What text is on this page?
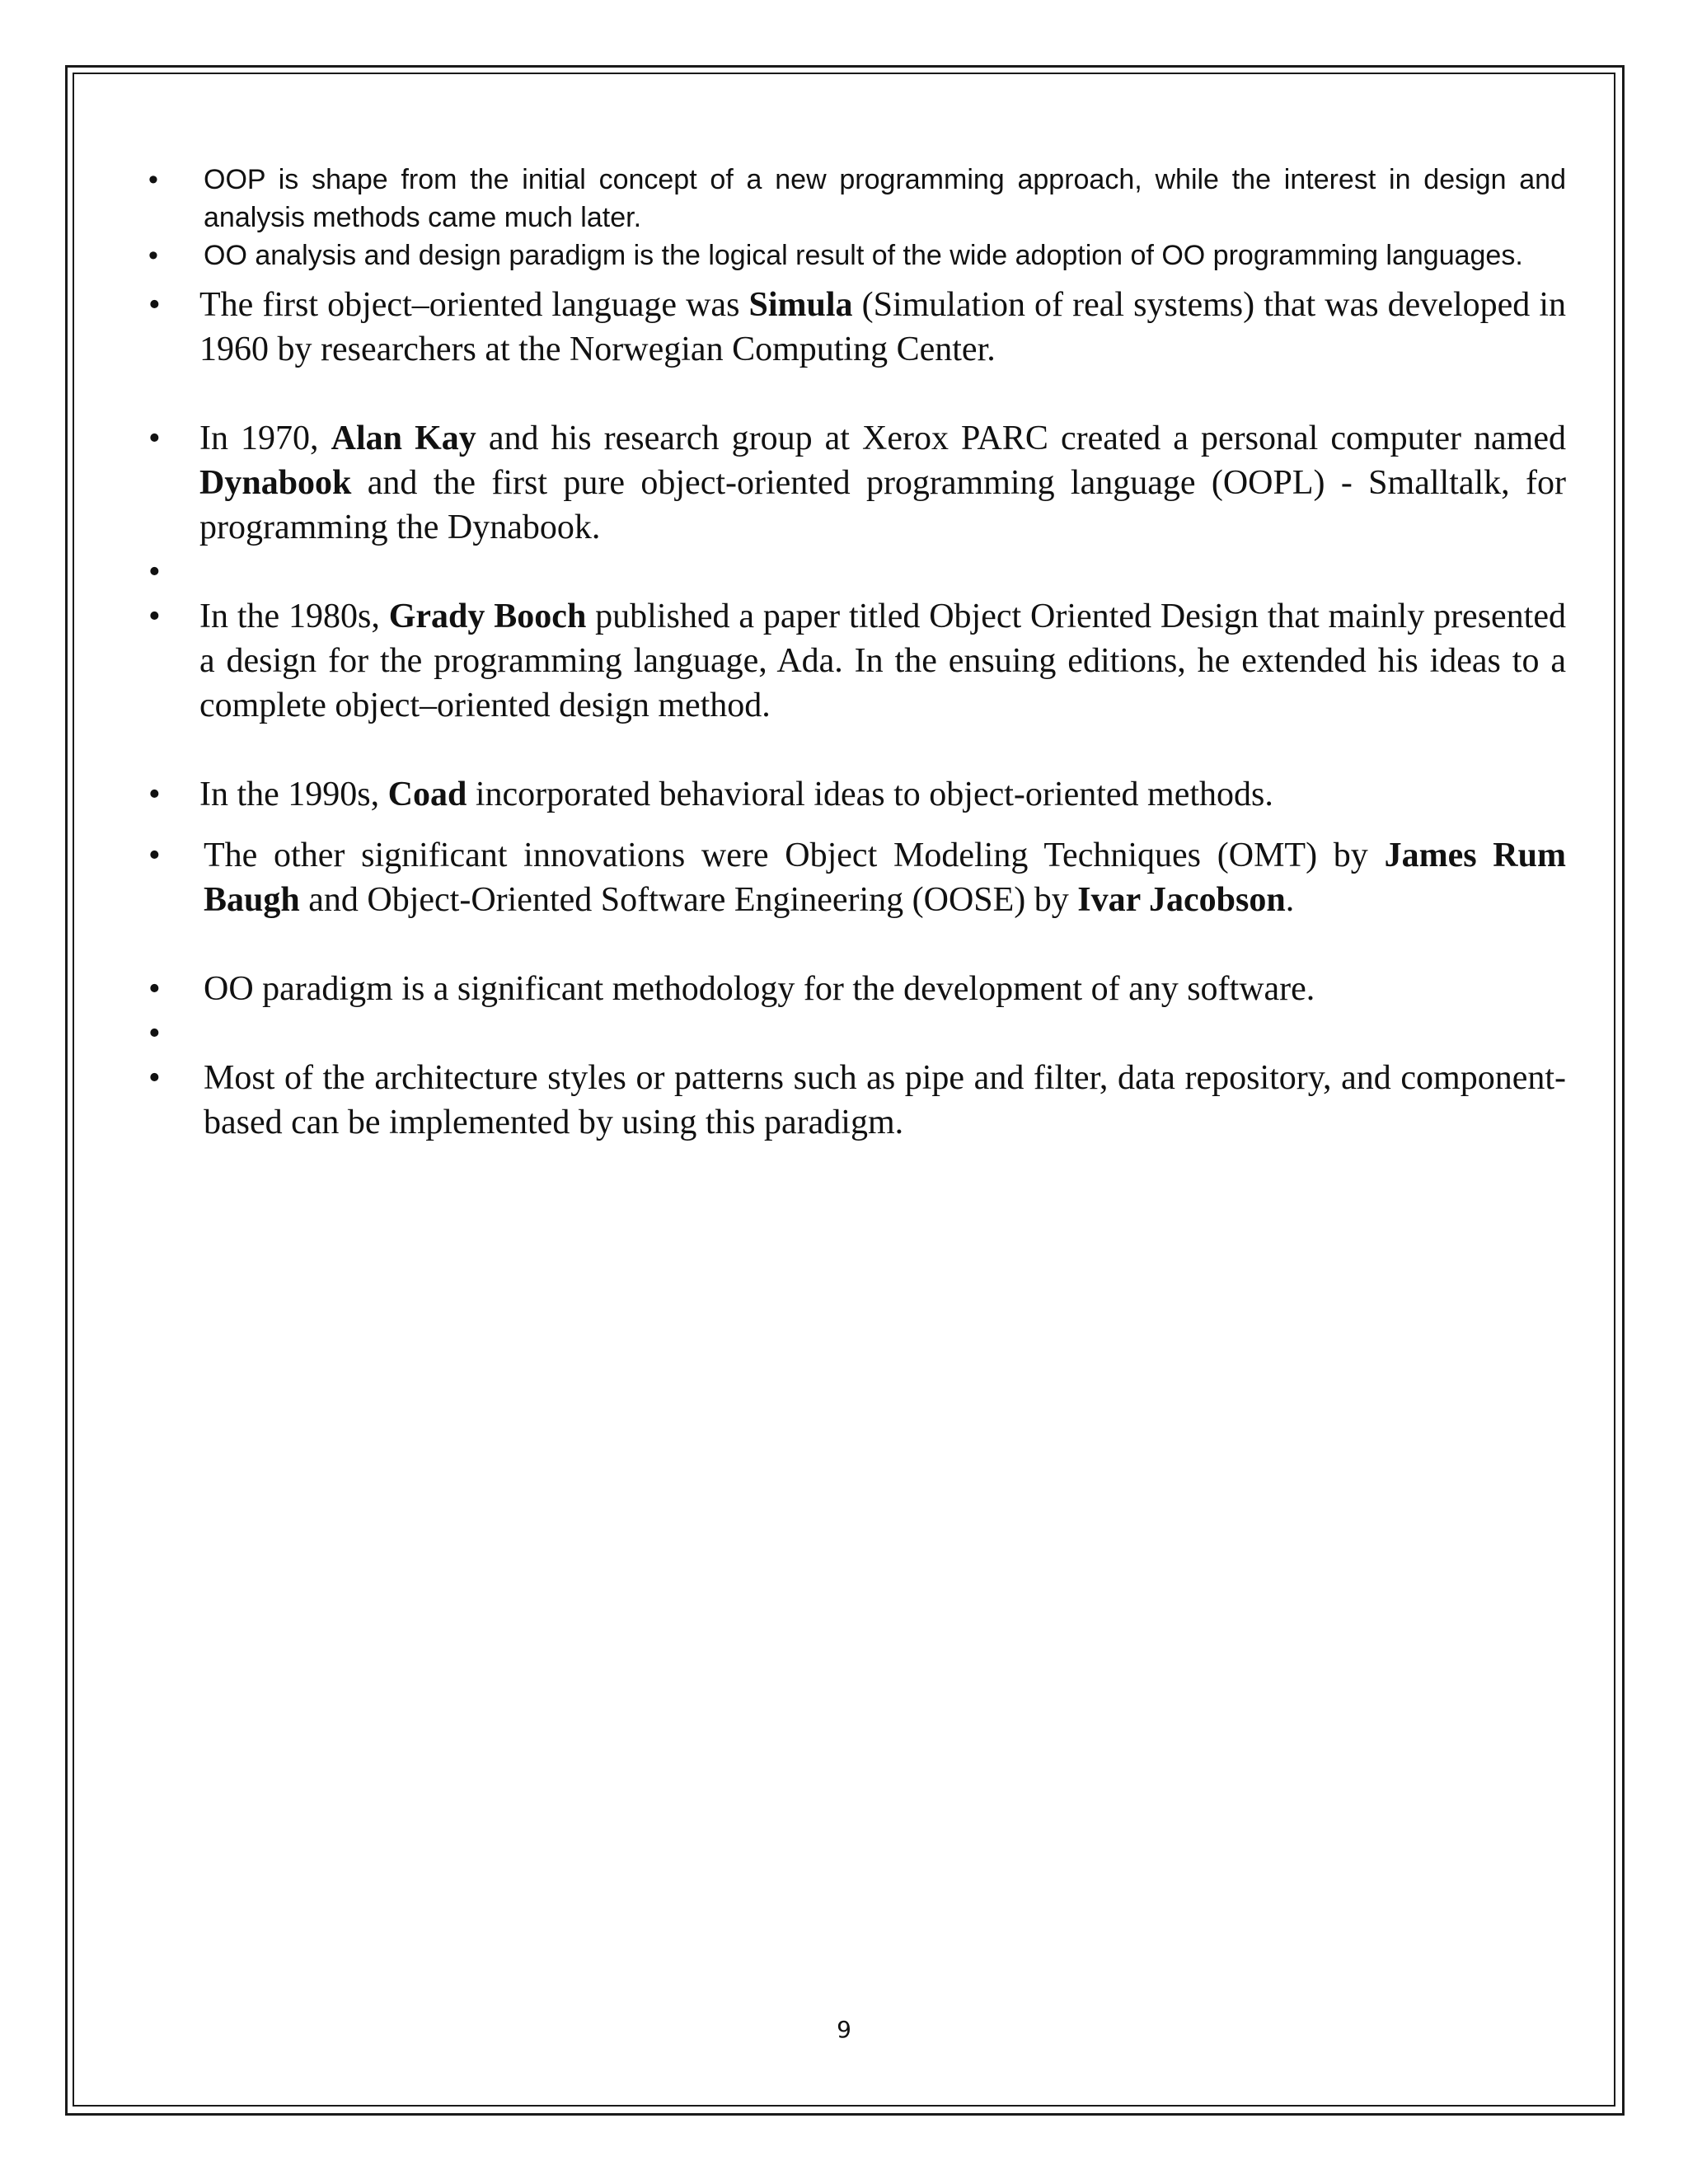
•
OOP is shape from the initial concept of a new programming approach, while the interest in design and analysis methods came much later.
•
OO analysis and design paradigm is the logical result of the wide adoption of OO programming languages.
•
The first object–oriented language was Simula (Simulation of real systems) that was developed in 1960 by researchers at the Norwegian Computing Center.
•
In 1970, Alan Kay and his research group at Xerox PARC created a personal computer named Dynabook and the first pure object-oriented programming language (OOPL) - Smalltalk, for programming the Dynabook.
•
•
In the 1980s, Grady Booch published a paper titled Object Oriented Design that mainly presented a design for the programming language, Ada. In the ensuing editions, he extended his ideas to a complete object–oriented design method.
•
In the 1990s, Coad incorporated behavioral ideas to object-oriented methods.
•
The other significant innovations were Object Modeling Techniques (OMT) by James Rum Baugh and Object-Oriented Software Engineering (OOSE) by Ivar Jacobson.
•
OO paradigm is a significant methodology for the development of any software.
•
•
Most of the architecture styles or patterns such as pipe and filter, data repository, and component-based can be implemented by using this paradigm.
9
